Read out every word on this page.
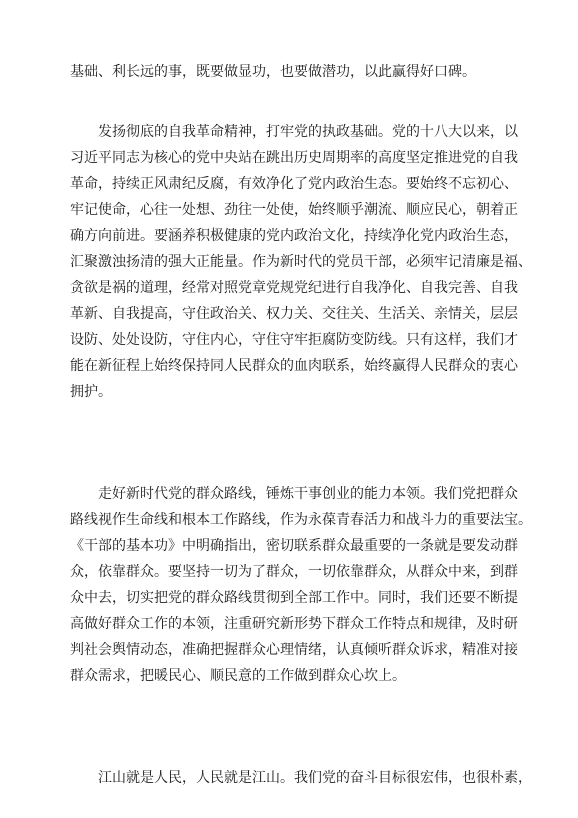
基础、利长远的事，既要做显功，也要做潜功，以此赢得好口碑。
发扬彻底的自我革命精神，打牢党的执政基础。党的十八大以来，以
习近平同志为核心的党中央站在跳出历史周期率的高度坚定推进党的自我
革命，持续正风肃纪反腐，有效净化了党内政治生态。要始终不忘初心、
牢记使命，心往一处想、劲往一处使，始终顺乎潮流、顺应民心，朝着正
确方向前进。要涵养积极健康的党内政治文化，持续净化党内政治生态，
汇聚激浊扬清的强大正能量。作为新时代的党员干部，必须牢记清廉是福、
贪欲是祸的道理，经常对照党章党规党纪进行自我净化、自我完善、自我
革新、自我提高，守住政治关、权力关、交往关、生活关、亲情关，层层
设防、处处设防，守住内心，守住守牢拒腐防变防线。只有这样，我们才
能在新征程上始终保持同人民群众的血肉联系，始终赢得人民群众的衷心
拥护。
走好新时代党的群众路线，锤炼干事创业的能力本领。我们党把群众
路线视作生命线和根本工作路线，作为永葆青春活力和战斗力的重要法宝。
《干部的基本功》中明确指出，密切联系群众最重要的一条就是要发动群
众，依靠群众。要坚持一切为了群众，一切依靠群众，从群众中来，到群
众中去，切实把党的群众路线贯彻到全部工作中。同时，我们还要不断提
高做好群众工作的本领，注重研究新形势下群众工作特点和规律，及时研
判社会舆情动态，准确把握群众心理情绪，认真倾听群众诉求，精准对接
群众需求，把暖民心、顺民意的工作做到群众心坎上。
江山就是人民，人民就是江山。我们党的奋斗目标很宏伟，也很朴素，
